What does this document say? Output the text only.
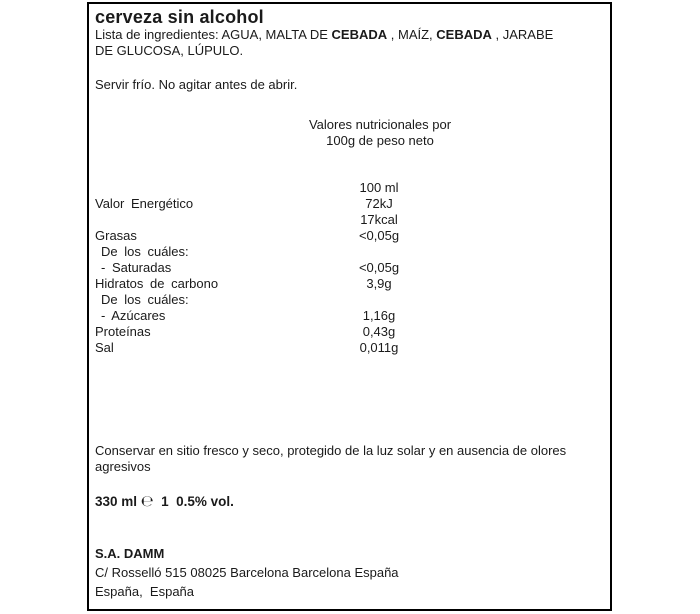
cerveza sin alcohol
Lista de ingredientes: AGUA, MALTA DE CEBADA , MAÍZ, CEBADA , JARABE
DE GLUCOSA, LÚPULO.
Servir frío. No agitar antes de abrir.
Valores nutricionales por
100g de peso neto
100 ml
Valor Energético	72kJ
17kcal
Grasas	<0,05g
De los cuáles:
- Saturadas	<0,05g
Hidratos de carbono	3,9g
De los cuáles:
- Azúcares	1,16g
Proteínas	0,43g
Sal	0,011g
Conservar en sitio fresco y seco, protegido de la luz solar y en ausencia de olores
agresivos
330 ml ℮  1  0.5% vol.
S.A. DAMM
C/ Rosselló 515 08025 Barcelona Barcelona España
España,  España
